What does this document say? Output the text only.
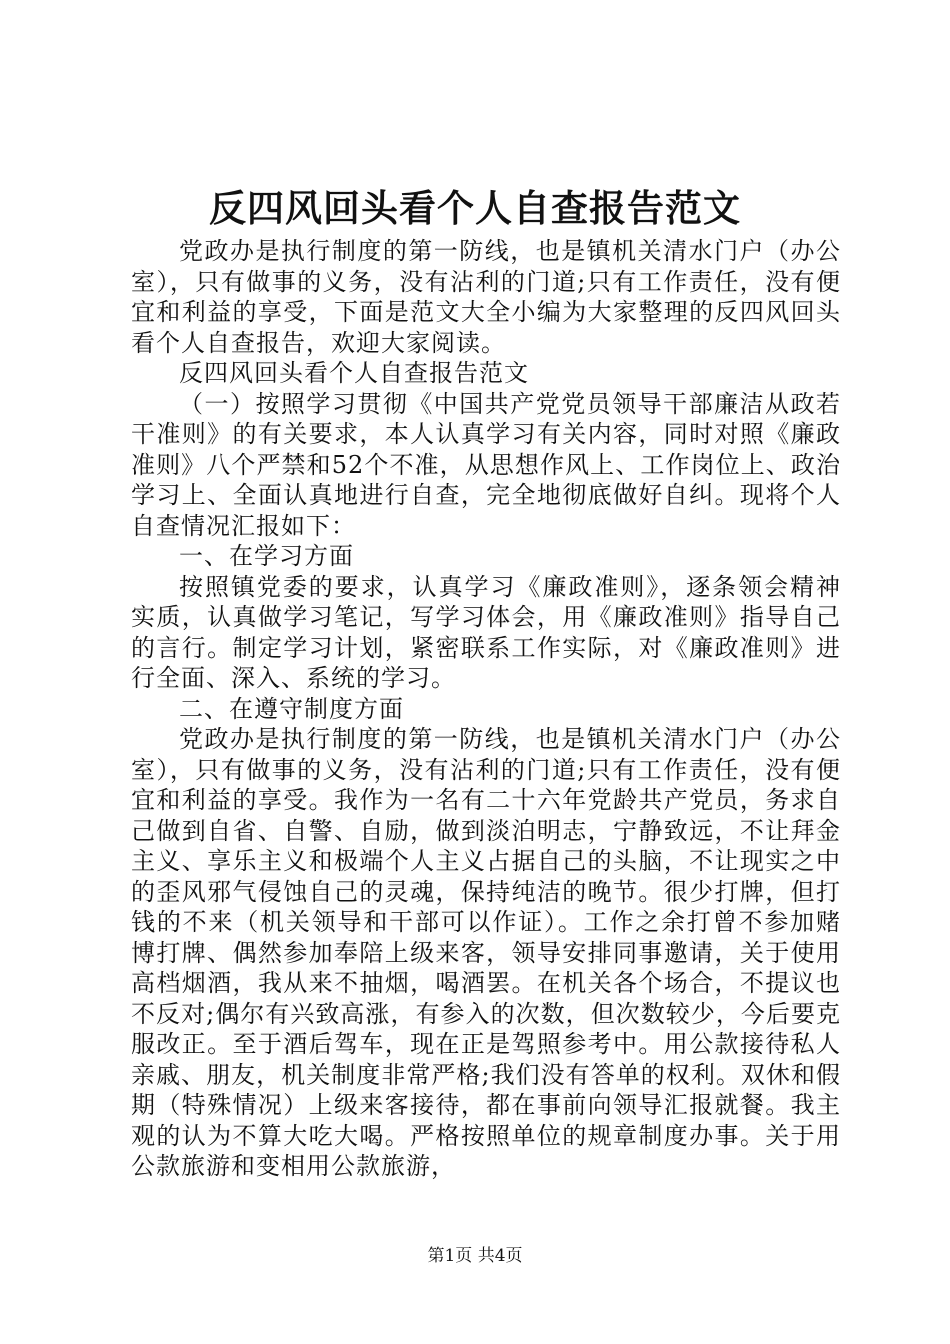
反四风回头看个人自查报告范文

党政办是执行制度的第一防线，也是镇机关清水门户（办公室），只有做事的义务，没有沾利的门道;只有工作责任，没有便宜和利益的享受，下面是范文大全小编为大家整理的反四风回头看个人自查报告，欢迎大家阅读。

反四风回头看个人自查报告范文

（一）按照学习贯彻《中国共产党党员领导干部廉洁从政若干准则》的有关要求，本人认真学习有关内容，同时对照《廉政准则》八个严禁和52个不准，从思想作风上、工作岗位上、政治学习上、全面认真地进行自查，完全地彻底做好自纠。现将个人自查情况汇报如下：

一、在学习方面

按照镇党委的要求，认真学习《廉政准则》，逐条领会精神实质，认真做学习笔记，写学习体会，用《廉政准则》指导自己的言行。制定学习计划，紧密联系工作实际，对《廉政准则》进行全面、深入、系统的学习。

二、在遵守制度方面

党政办是执行制度的第一防线，也是镇机关清水门户（办公室），只有做事的义务，没有沾利的门道;只有工作责任，没有便宜和利益的享受。我作为一名有二十六年党龄共产党员，务求自己做到自省、自警、自励，做到淡泊明志，宁静致远，不让拜金主义、享乐主义和极端个人主义占据自己的头脑，不让现实之中的歪风邪气侵蚀自己的灵魂，保持纯洁的晚节。很少打牌，但打钱的不来（机关领导和干部可以作证）。工作之余打曾不参加赌博打牌、偶然参加奉陪上级来客，领导安排同事邀请，关于使用高档烟酒，我从来不抽烟，喝酒罢。在机关各个场合，不提议也不反对;偶尔有兴致高涨，有参入的次数，但次数较少，今后要克服改正。至于酒后驾车，现在正是驾照参考中。用公款接待私人亲戚、朋友，机关制度非常严格;我们没有答单的权利。双休和假期（特殊情况）上级来客接待，都在事前向领导汇报就餐。我主观的认为不算大吃大喝。严格按照单位的规章制度办事。关于用公款旅游和变相用公款旅游，

第1页 共4页
